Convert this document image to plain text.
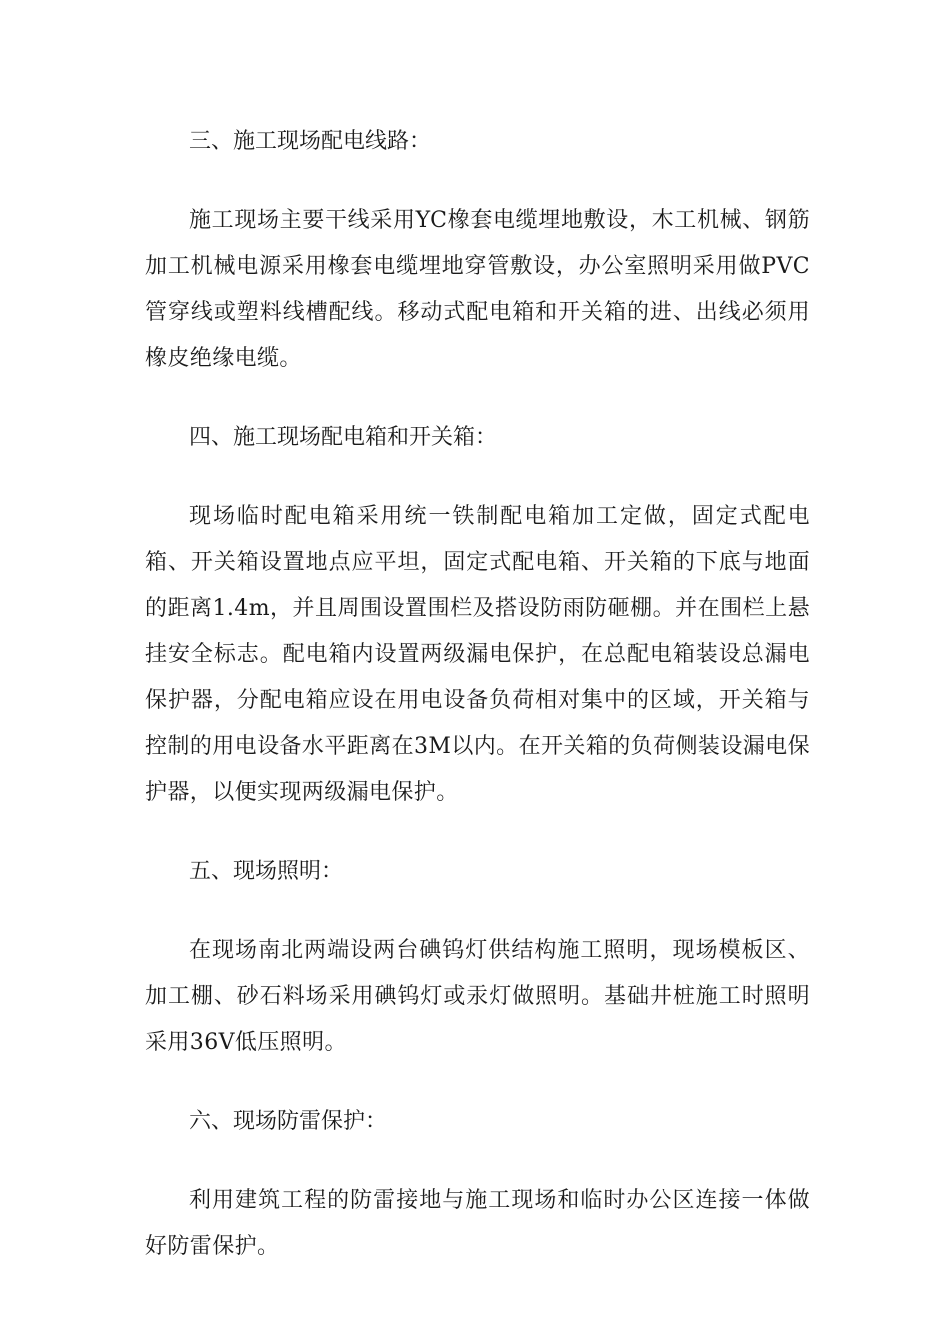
三、施工现场配电线路：

施工现场主要干线采用YC橡套电缆埋地敷设，木工机械、钢筋加工机械电源采用橡套电缆埋地穿管敷设，办公室照明采用做PVC管穿线或塑料线槽配线。移动式配电箱和开关箱的进、出线必须用橡皮绝缘电缆。

四、施工现场配电箱和开关箱：

现场临时配电箱采用统一铁制配电箱加工定做，固定式配电箱、开关箱设置地点应平坦，固定式配电箱、开关箱的下底与地面的距离1.4m，并且周围设置围栏及搭设防雨防砸棚。并在围栏上悬挂安全标志。配电箱内设置两级漏电保护，在总配电箱装设总漏电保护器，分配电箱应设在用电设备负荷相对集中的区域，开关箱与控制的用电设备水平距离在3M以内。在开关箱的负荷侧装设漏电保护器，以便实现两级漏电保护。

五、现场照明：

在现场南北两端设两台碘钨灯供结构施工照明，现场模板区、加工棚、砂石料场采用碘钨灯或汞灯做照明。基础井桩施工时照明采用36V低压照明。

六、现场防雷保护：

利用建筑工程的防雷接地与施工现场和临时办公区连接一体做好防雷保护。
